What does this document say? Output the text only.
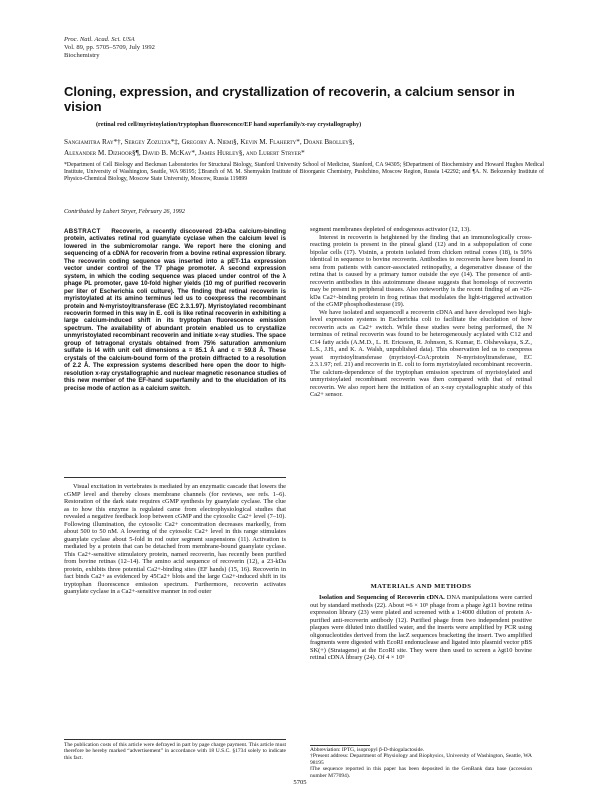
Proc. Natl. Acad. Sci. USA
Vol. 89, pp. 5705–5709, July 1992
Biochemistry
Cloning, expression, and crystallization of recoverin, a calcium sensor in vision
(retinal rod cell/myristoylation/tryptophan fluorescence/EF hand superfamily/x-ray crystallography)
Sangiamitra Ray*†, Sergey Zozulya*‡, Gregory A. Niemi§, Kevin M. Flaherty*, Doane Brolley§,
Alexander M. Dizhoor§¶, David B. McKay*, James Hurley§, and Lubert Stryer*
*Department of Cell Biology and Beckman Laboratories for Structural Biology, Stanford University School of Medicine, Stanford, CA 94305; §Department of Biochemistry and Howard Hughes Medical Institute, University of Washington, Seattle, WA 98195; ‡Branch of M. M. Shemyakin Institute of Bioorganic Chemistry, Pushchino, Moscow Region, Russia 142292; and ¶A. N. Belozersky Institute of Physico-Chemical Biology, Moscow State University, Moscow, Russia 119899
Contributed by Lubert Stryer, February 26, 1992
ABSTRACT Recoverin, a recently discovered 23-kDa calcium-binding protein, activates retinal rod guanylate cyclase when the calcium level is lowered in the submicromolar range. We report here the cloning and sequencing of a cDNA for recoverin from a bovine retinal expression library. The recoverin coding sequence was inserted into a pET-11a expression vector under control of the T7 phage promoter. A second expression system, in which the coding sequence was placed under control of the λ phage PL promoter, gave 10-fold higher yields (10 mg of purified recoverin per liter of Escherichia coli culture). The finding that retinal recoverin is myristoylated at its amino terminus led us to coexpress the recombinant protein and N-myristoyltransferase (EC 2.3.1.97). Myristoylated recombinant recoverin formed in this way in E. coli is like retinal recoverin in exhibiting a large calcium-induced shift in its tryptophan fluorescence emission spectrum. The availability of abundant protein enabled us to crystallize unmyristoylated recombinant recoverin and initiate x-ray studies. The space group of tetragonal crystals obtained from 75% saturation ammonium sulfate is I4 with unit cell dimensions a = 85.1 Å and c = 59.8 Å. These crystals of the calcium-bound form of the protein diffracted to a resolution of 2.2 Å. The expression systems described here open the door to high-resolution x-ray crystallographic and nuclear magnetic resonance studies of this new member of the EF-hand superfamily and to the elucidation of its precise mode of action as a calcium switch.

Visual excitation in vertebrates is mediated by an enzymatic cascade that lowers the cGMP level and thereby closes membrane channels (for reviews, see refs. 1–6). Restoration of the dark state requires cGMP synthesis by guanylate cyclase. The clue as to how this enzyme is regulated came from electrophysiological studies that revealed a negative feedback loop between cGMP and the cytosolic Ca2+ level (7–10). Following illumination, the cytosolic Ca2+ concentration decreases markedly, from about 500 to 50 nM. A lowering of the cytosolic Ca2+ level in this range stimulates guanylate cyclase about 5-fold in rod outer segment suspensions (11). Activation is mediated by a protein that can be detached from membrane-bound guanylate cyclase. This Ca2+-sensitive stimulatory protein, named recoverin, has recently been purified from bovine retinas (12–14). The amino acid sequence of recoverin (12), a 23-kDa protein, exhibits three potential Ca2+-binding sites (EF hands) (15, 16). Recoverin in fact binds Ca2+ as evidenced by 45Ca2+ blots and the large Ca2+-induced shift in its tryptophan fluorescence emission spectrum. Furthermore, recoverin activates guanylate cyclase in a Ca2+-sensitive manner in rod outer

segment membranes depleted of endogenous activator (12, 13).

Interest in recoverin is heightened by the finding that an immunologically cross-reacting protein is present in the pineal gland (12) and in a subpopulation of cone bipolar cells (17). Visinin, a protein isolated from chicken retinal cones (18), is 59% identical in sequence to bovine recoverin. Antibodies to recoverin have been found in sera from patients with cancer-associated retinopathy, a degenerative disease of the retina that is caused by a primary tumor outside the eye (14). The presence of anti-recoverin antibodies in this autoimmune disease suggests that homologs of recoverin may be present in peripheral tissues. Also noteworthy is the recent finding of an ≈26-kDa Ca2+-binding protein in frog retinas that modulates the light-triggered activation of the cGMP phosphodiesterase (19).

We have isolated and sequenced‖ a recoverin cDNA and have developed two high-level expression systems in Escherichia coli to facilitate the elucidation of how recoverin acts as Ca2+ switch. While these studies were being performed, the N terminus of retinal recoverin was found to be heterogeneously acylated with C12 and C14 fatty acids (A.M.D., L. H. Ericsson, R. Johnson, S. Kumar, E. Olshevskaya, S.Z., L.S., J.H., and K. A. Walsh, unpublished data). This observation led us to coexpress yeast myristoyltransferase (myristoyl-CoA:protein N-myristoyltransferase, EC 2.3.1.97; ref. 21) and recoverin in E. coli to form myristoylated recombinant recoverin. The calcium-dependence of the tryptophan emission spectrum of myristoylated and unmyristoylated recombinant recoverin was then compared with that of retinal recoverin. We also report here the initiation of an x-ray crystallographic study of this Ca2+ sensor.

MATERIALS AND METHODS

Isolation and Sequencing of Recoverin cDNA. DNA manipulations were carried out by standard methods (22). About ≈6 × 10⁵ phage from a phage λgt11 bovine retina expression library (23) were plated and screened with a 1:4000 dilution of protein A-purified anti-recoverin antibody (12). Purified phage from two independent positive plaques were diluted into distilled water, and the inserts were amplified by PCR using oligonucleotides derived from the lacZ sequences bracketing the insert. Two amplified fragments were digested with EcoRI endonuclease and ligated into plasmid vector pBS SK(+) (Stratagene) at the EcoRI site. They were then used to screen a λgt10 bovine retinal cDNA library (24). Of 4 × 10⁵

The publication costs of this article were defrayed in part by page charge payment. This article must therefore be hereby marked “advertisement” in accordance with 18 U.S.C. §1734 solely to indicate this fact.

Abbreviation: IPTG, isopropyl β-D-thiogalactoside.

†Present address: Department of Physiology and Biophysics, University of Washington, Seattle, WA 98195

‖The sequence reported in this paper has been deposited in the GenBank data base (accession number M77094).

5705
